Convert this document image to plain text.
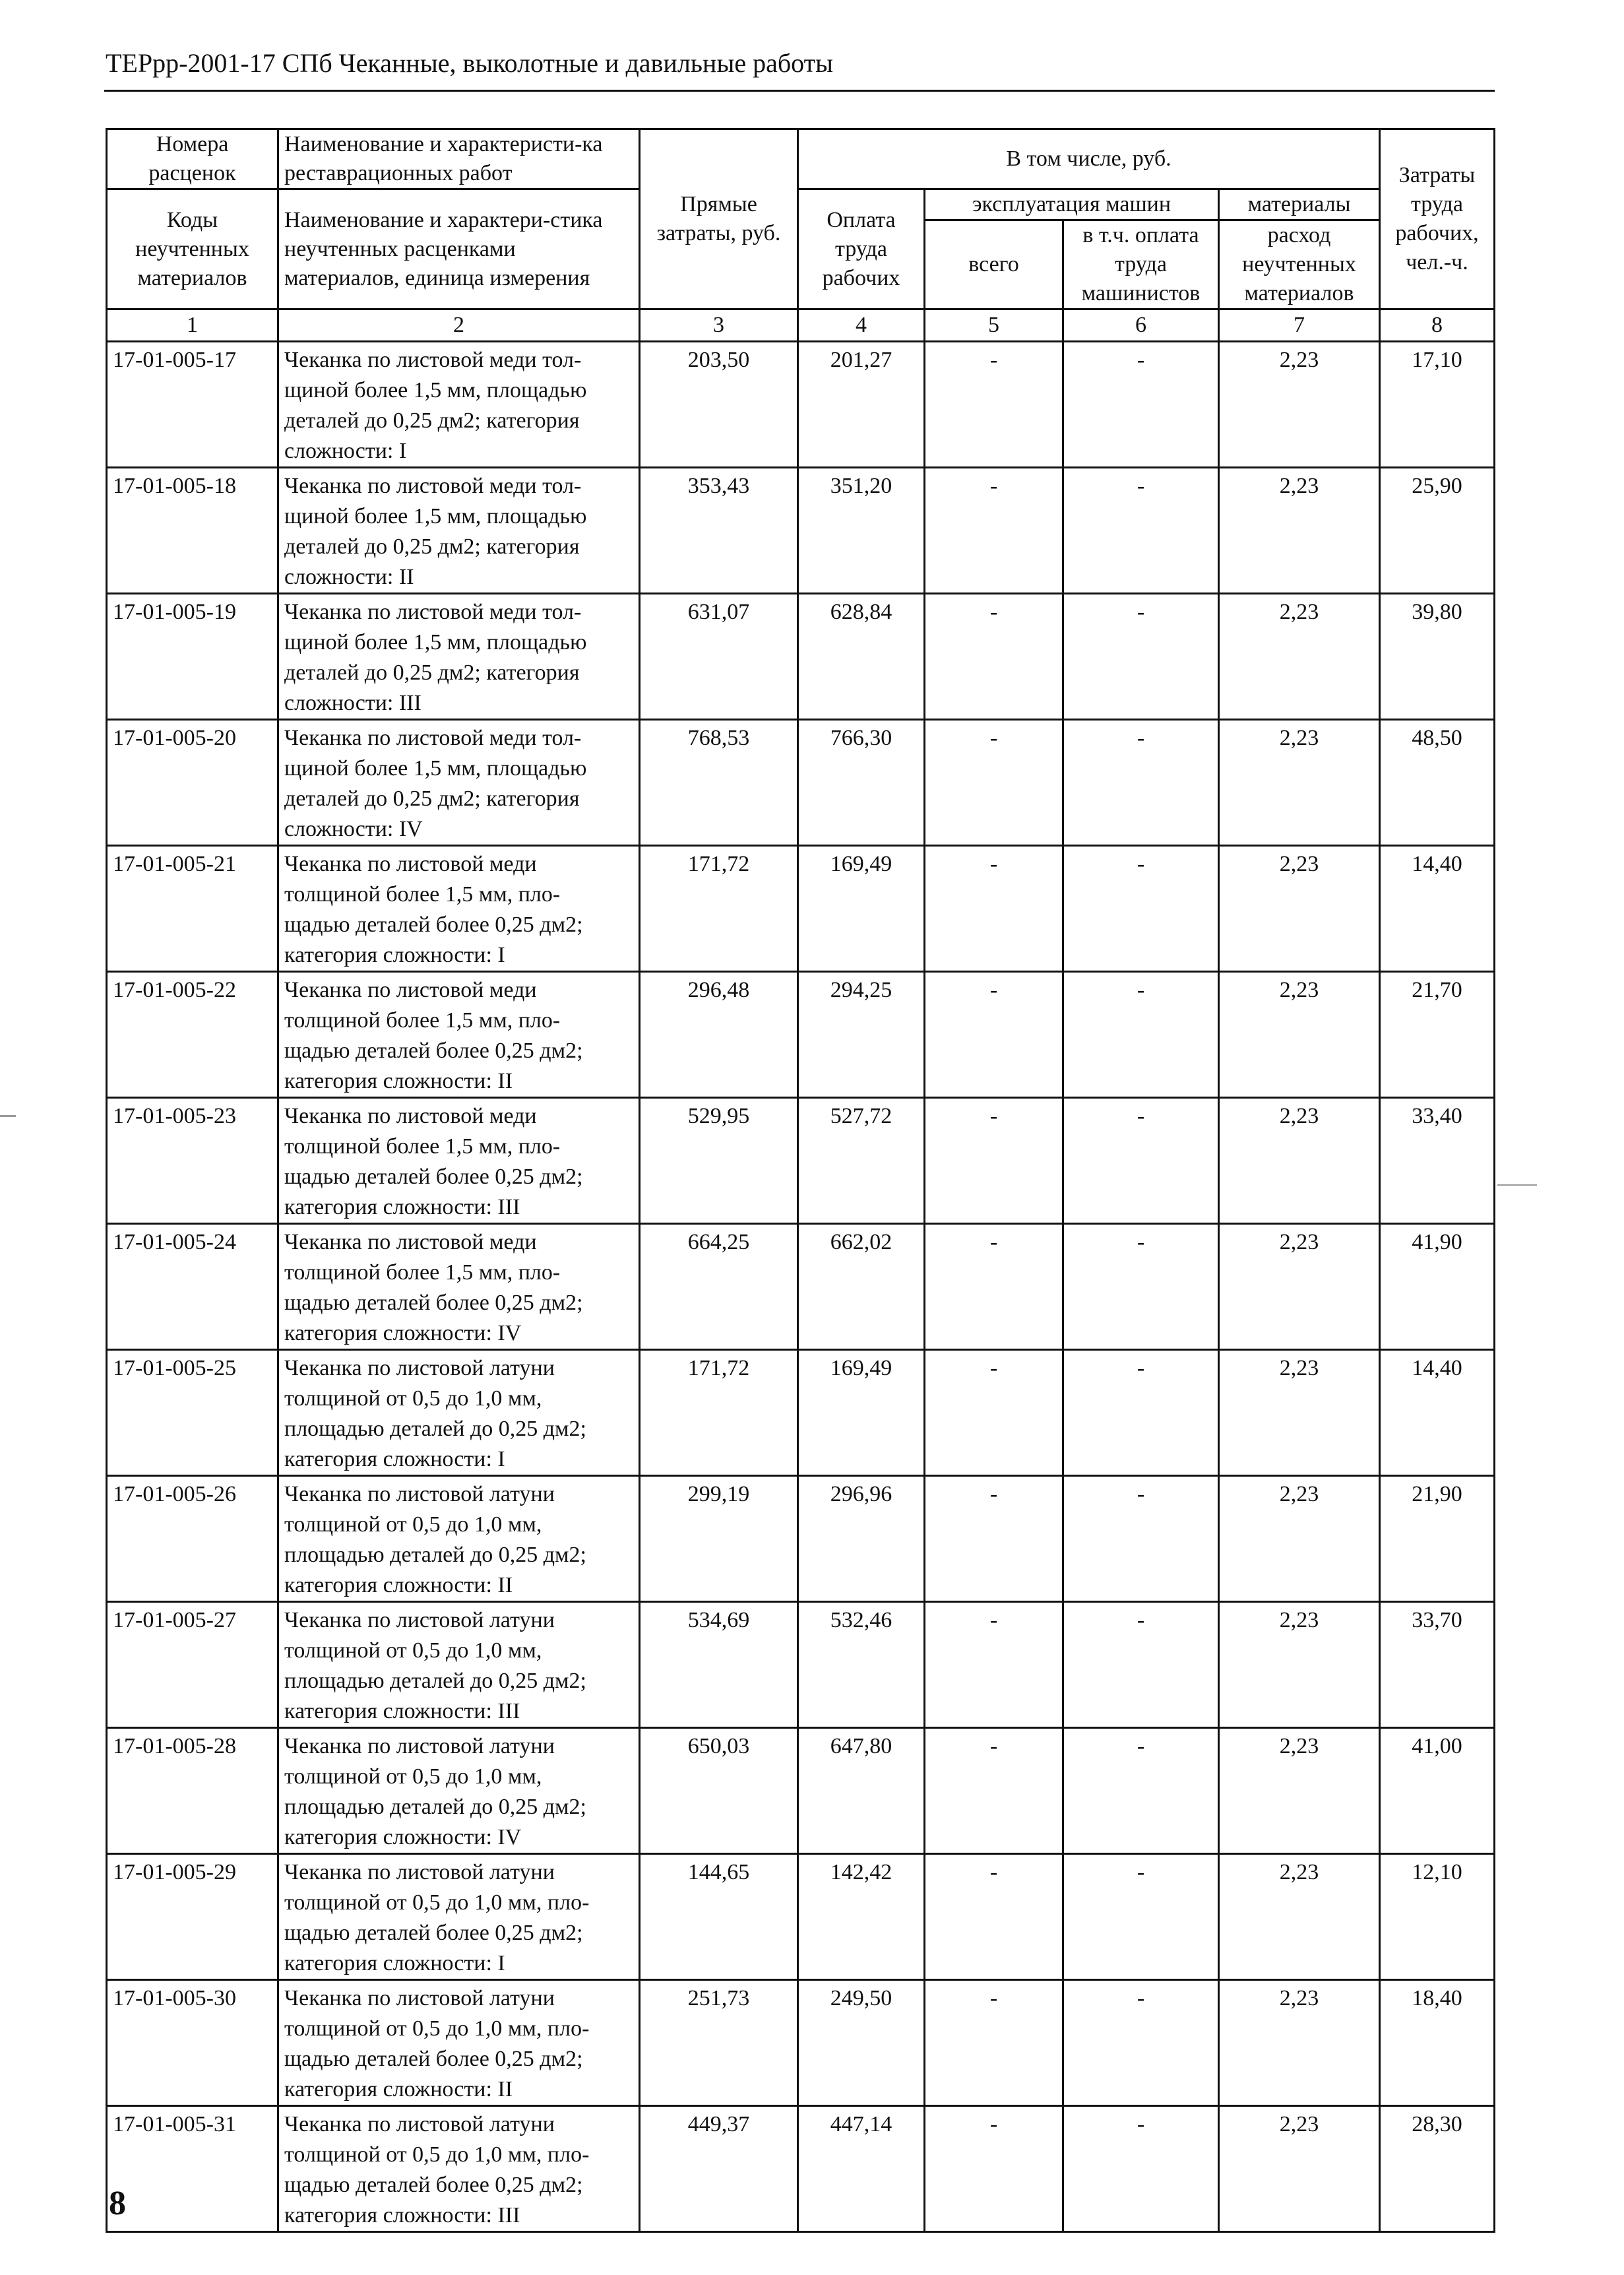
ТЕРрр-2001-17 СПб Чеканные, выколотные и давильные работы
Номера расценок	Наименование и характеристи-ка реставрационных работ	Прямые затраты, руб.	В том числе, руб.				Затраты труда рабочих, чел.-ч.
Коды неучтенных материалов	Наименование и характери-стика неучтенных расценками материалов, единица измерения		Оплата труда рабочих	эксплуатация машин		материалы	
				всего	в т.ч. оплата труда машинистов	расход неучтенных материалов	
1	2	3	4	5	6	7	8
17-01-005-17	Чеканка по листовой меди тол-
щиной более 1,5 мм, площадью
деталей до 0,25 дм2; категория
сложности: I	203,50	201,27	-	-	2,23	17,10
17-01-005-18	Чеканка по листовой меди тол-
щиной более 1,5 мм, площадью
деталей до 0,25 дм2; категория
сложности: II	353,43	351,20	-	-	2,23	25,90
17-01-005-19	Чеканка по листовой меди тол-
щиной более 1,5 мм, площадью
деталей до 0,25 дм2; категория
сложности: III	631,07	628,84	-	-	2,23	39,80
17-01-005-20	Чеканка по листовой меди тол-
щиной более 1,5 мм, площадью
деталей до 0,25 дм2; категория
сложности: IV	768,53	766,30	-	-	2,23	48,50
17-01-005-21	Чеканка по листовой меди
толщиной более 1,5 мм, пло-
щадью деталей более 0,25 дм2;
категория сложности: I	171,72	169,49	-	-	2,23	14,40
17-01-005-22	Чеканка по листовой меди
толщиной более 1,5 мм, пло-
щадью деталей более 0,25 дм2;
категория сложности: II	296,48	294,25	-	-	2,23	21,70
17-01-005-23	Чеканка по листовой меди
толщиной более 1,5 мм, пло-
щадью деталей более 0,25 дм2;
категория сложности: III	529,95	527,72	-	-	2,23	33,40
17-01-005-24	Чеканка по листовой меди
толщиной более 1,5 мм, пло-
щадью деталей более 0,25 дм2;
категория сложности: IV	664,25	662,02	-	-	2,23	41,90
17-01-005-25	Чеканка по листовой латуни
толщиной от 0,5 до 1,0 мм,
площадью деталей до 0,25 дм2;
категория сложности: I	171,72	169,49	-	-	2,23	14,40
17-01-005-26	Чеканка по листовой латуни
толщиной от 0,5 до 1,0 мм,
площадью деталей до 0,25 дм2;
категория сложности: II	299,19	296,96	-	-	2,23	21,90
17-01-005-27	Чеканка по листовой латуни
толщиной от 0,5 до 1,0 мм,
площадью деталей до 0,25 дм2;
категория сложности: III	534,69	532,46	-	-	2,23	33,70
17-01-005-28	Чеканка по листовой латуни
толщиной от 0,5 до 1,0 мм,
площадью деталей до 0,25 дм2;
категория сложности: IV	650,03	647,80	-	-	2,23	41,00
17-01-005-29	Чеканка по листовой латуни
толщиной от 0,5 до 1,0 мм, пло-
щадью деталей более 0,25 дм2;
категория сложности: I	144,65	142,42	-	-	2,23	12,10
17-01-005-30	Чеканка по листовой латуни
толщиной от 0,5 до 1,0 мм, пло-
щадью деталей более 0,25 дм2;
категория сложности: II	251,73	249,50	-	-	2,23	18,40
17-01-005-31	Чеканка по листовой латуни
толщиной от 0,5 до 1,0 мм, пло-
щадью деталей более 0,25 дм2;
категория сложности: III	449,37	447,14	-	-	2,23	28,30
8
